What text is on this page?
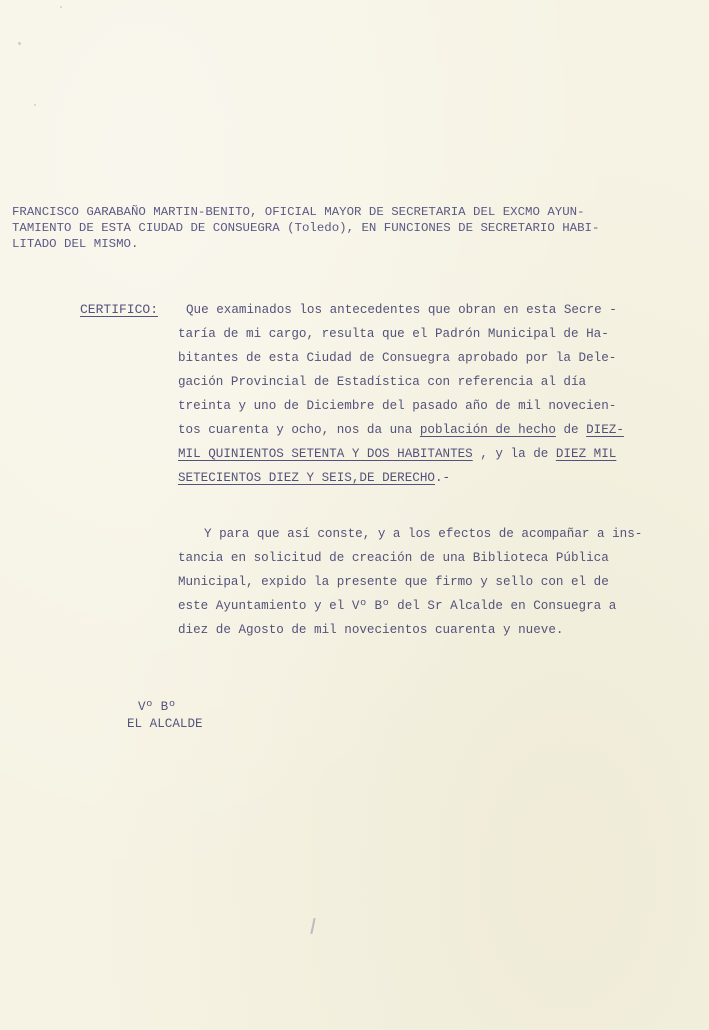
FRANCISCO GARABAÑO MARTIN-BENITO, OFICIAL MAYOR DE SECRETARIA DEL EXCMO AYUN-
TAMIENTO DE ESTA CIUDAD DE CONSUEGRA (Toledo), EN FUNCIONES DE SECRETARIO HABI-
LITADO DEL MISMO.
CERTIFICO: Que examinados los antecedentes que obran en esta Secre -
taría de mi cargo, resulta que el Padrón Municipal de Ha-
bitantes de esta Ciudad de Consuegra aprobado por la Dele-
gación Provincial de Estadística con referencia al día
treinta y uno de Diciembre del pasado año de mil novecien-
tos cuarenta y ocho, nos da una población de hecho de DIEZ-
MIL QUINIENTOS SETENTA Y DOS HABITANTES , y la de DIEZ MIL
SETECIENTOS DIEZ Y SEIS,DE DERECHO.-
Y para que así conste, y a los efectos de acompañar a ins-
tancia en solicitud de creación de una Biblioteca Pública
Municipal, expido la presente que firmo y sello con el de
este Ayuntamiento y el Vº Bº del Sr Alcalde en Consuegra a
diez de Agosto de mil novecientos cuarenta y nueve.
Vº Bº
EL ALCALDE
